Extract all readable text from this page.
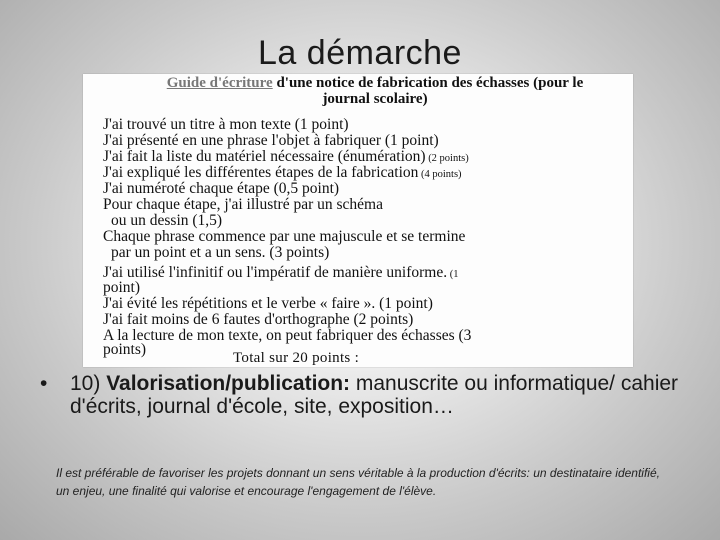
La démarche
Guide d'écriture d'une notice de fabrication des échasses (pour le journal scolaire)
J'ai trouvé un titre à mon texte (1 point)
J'ai présenté en une phrase l'objet à fabriquer (1 point)
J'ai fait la liste du matériel nécessaire (énumération) (2 points)
J'ai expliqué les différentes étapes de la fabrication (4 points)
J'ai numéroté chaque étape (0,5 point)
Pour chaque étape, j'ai illustré par un schéma
ou un dessin (1,5)
Chaque phrase commence par une majuscule et se termine
par un point et a un sens. (3 points)
J'ai utilisé l'infinitif ou l'impératif de manière uniforme. (1
point)
J'ai évité les répétitions et le verbe « faire ». (1 point)
J'ai fait moins de 6 fautes d'orthographe (2 points)
A la lecture de mon texte, on peut fabriquer des échasses (3
points)	Total sur 20 points :
• 10) Valorisation/publication: manuscrite ou informatique/ cahier d'écrits, journal d'école, site, exposition…
Il est préférable de favoriser les projets donnant un sens véritable à la production d'écrits: un destinataire identifié, un enjeu, une finalité qui valorise et encourage l'engagement de l'élève.
